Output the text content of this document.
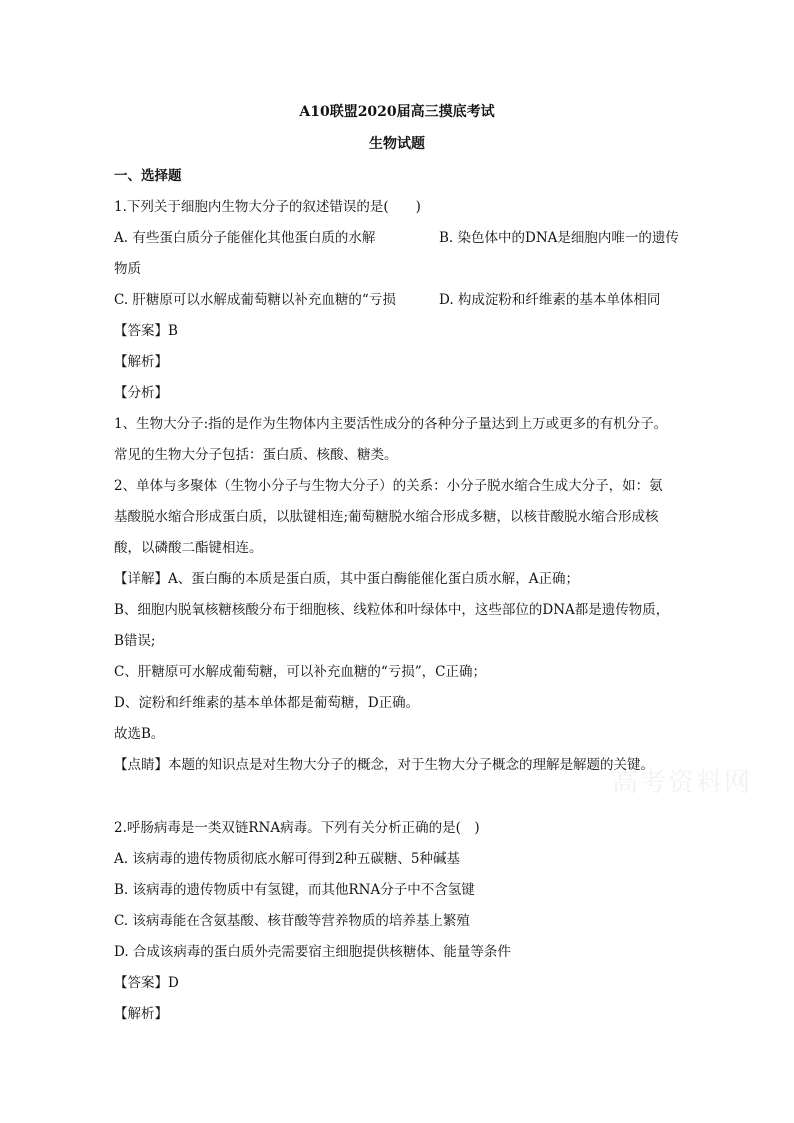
A10联盟2020届高三摸底考试
生物试题
一、选择题
1.下列关于细胞内生物大分子的叙述错误的是(　　)
A. 有些蛋白质分子能催化其他蛋白质的水解	B. 染色体中的DNA是细胞内唯一的遗传
物质
C. 肝糖原可以水解成葡萄糖以补充血糖的“亏损	D. 构成淀粉和纤维素的基本单体相同
【答案】B
【解析】
【分析】
1、生物大分子:指的是作为生物体内主要活性成分的各种分子量达到上万或更多的有机分子。
常见的生物大分子包括：蛋白质、核酸、糖类。
2、单体与多聚体（生物小分子与生物大分子）的关系：小分子脱水缩合生成大分子，如：氨
基酸脱水缩合形成蛋白质，以肽键相连;葡萄糖脱水缩合形成多糖，以核苷酸脱水缩合形成核
酸，以磷酸二酯键相连。
【详解】A、蛋白酶的本质是蛋白质，其中蛋白酶能催化蛋白质水解，A正确；
B、细胞内脱氧核糖核酸分布于细胞核、线粒体和叶绿体中，这些部位的DNA都是遗传物质，
B错误;
C、肝糖原可水解成葡萄糖，可以补充血糖的“亏损”，C正确；
D、淀粉和纤维素的基本单体都是葡萄糖，D正确。
故选B。
【点睛】本题的知识点是对生物大分子的概念，对于生物大分子概念的理解是解题的关键。
高考资料网
2.呼肠病毒是一类双链RNA病毒。下列有关分析正确的是(　)
A. 该病毒的遗传物质彻底水解可得到2种五碳糖、5种碱基
B. 该病毒的遗传物质中有氢键，而其他RNA分子中不含氢键
C. 该病毒能在含氨基酸、核苷酸等营养物质的培养基上繁殖
D. 合成该病毒的蛋白质外壳需要宿主细胞提供核糖体、能量等条件
【答案】D
【解析】
